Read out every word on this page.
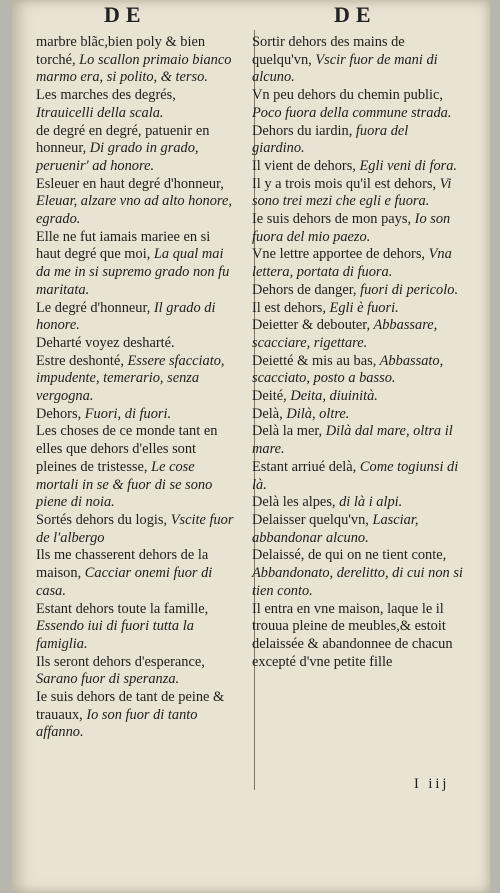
DE	DE

marbre blãc,bien poly & bien torché, Lo scallon primaio bianco marmo era, si polito, & terso.

Les marches des degrés, Itrauicelli della scala.

de degré en degré, patuenir en honneur, Di grado in grado, peruenir' ad honore.

Esleuer en haut degré d'honneur, Eleuar, alzare vno ad alto honore, egrado.

Elle ne fut iamais mariee en si haut degré que moi, La qual mai da me in si supremo grado non fu maritata.

Le degré d'honneur, Il grado di honore.

Deharté voyez desharté.

Estre deshonté, Essere sfacciato, impudente, temerario, senza vergogna.

Dehors, Fuori, di fuori.

Les choses de ce monde tant en elles que dehors d'elles sont pleines de tristesse, Le cose mortali in se & fuor di se sono piene di noia.

Sortés dehors du logis, Vscite fuor de l'albergo

Ils me chasserent dehors de la maison, Cacciar onemi fuor di casa.

Estant dehors toute la famille, Essendo iui di fuori tutta la famiglia.

Ils seront dehors d'esperance, Sarano fuor di speranza.

Ie suis dehors de tant de peine & trauaux, Io son fuor di tanto affanno.

Sortir dehors des mains de quelqu'vn, Vscir fuor de mani di alcuno.

Vn peu dehors du chemin public, Poco fuora della commune strada.

Dehors du iardin, fuora del giardino.

Il vient de dehors, Egli veni di fora.

Il y a trois mois qu'il est dehors, Vi sono trei mezi che egli e fuora.

Ie suis dehors de mon pays, Io son fuora del mio paezo.

Vne lettre apportee de dehors, Vna lettera, portata di fuora.

Dehors de danger, fuori di pericolo.

Il est dehors, Egli è fuori.

Deietter & debouter, Abbassare, scacciare, rigettare.

Deietté & mis au bas, Abbassato, scacciato, posto a basso.

Deité, Deita, diuinità.

Delà, Dilà, oltre.

Delà la mer, Dilà dal mare, oltra il mare.

Estant arriué delà, Come togiunsi di là.

Delà les alpes, di là i alpi.

Delaisser quelqu'vn, Lasciar, abbandonar alcuno.

Delaissé, de qui on ne tient conte, Abbandonato, derelitto, di cui non si tien conto.

Il entra en vne maison, laque le il trouua pleine de meubles,& estoit delaissée & abandonnee de chacun excepté d'vne petite fille

I iij
